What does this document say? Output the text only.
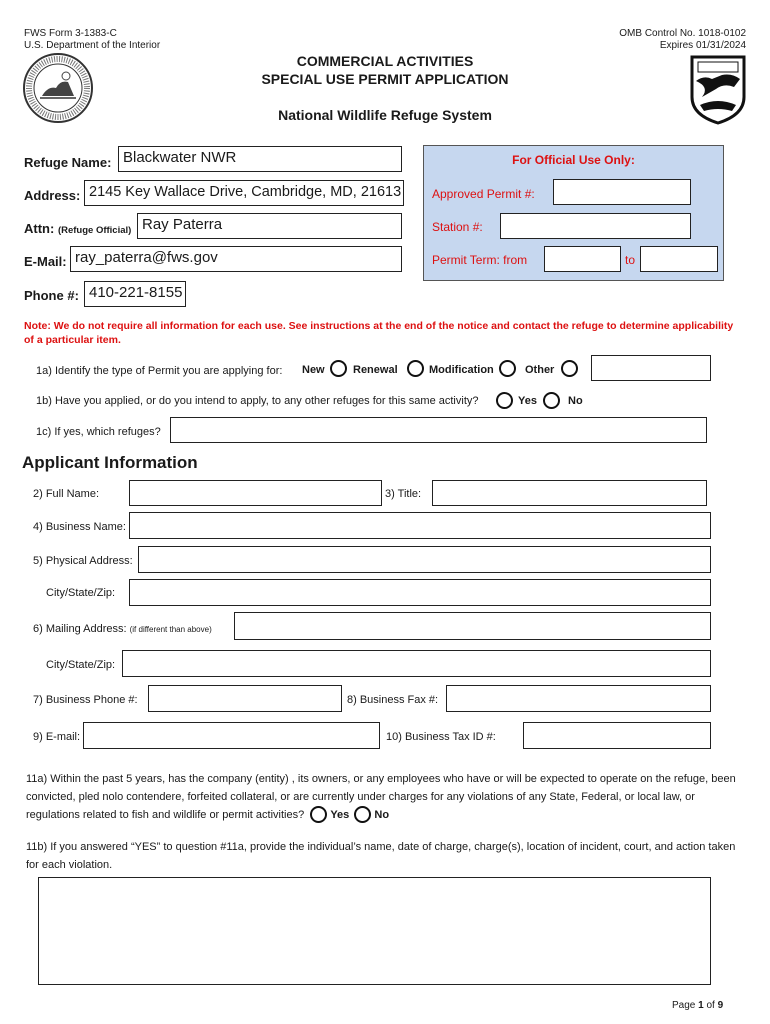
FWS Form 3-1383-C
U.S. Department of the Interior
OMB Control No. 1018-0102
Expires 01/31/2024
COMMERCIAL ACTIVITIES
SPECIAL USE PERMIT APPLICATION
National Wildlife Refuge System
Refuge Name: Blackwater NWR
Address: 2145 Key Wallace Drive, Cambridge, MD, 21613
Attn: (Refuge Official) Ray Paterra
E-Mail: ray_paterra@fws.gov
Phone #: 410-221-8155
For Official Use Only:
Approved Permit #:
Station #:
Permit Term: from	to
Note: We do not require all information for each use. See instructions at the end of the notice and contact the refuge to determine applicability of a particular item.
1a) Identify the type of Permit you are applying for: New	Renewal	Modification	Other
1b) Have you applied, or do you intend to apply, to any other refuges for this same activity?	Yes	No
1c) If yes, which refuges?
Applicant Information
2) Full Name:	3) Title:
4) Business Name:
5) Physical Address:
City/State/Zip:
6) Mailing Address: (if different than above)
City/State/Zip:
7) Business Phone #:	8) Business Fax #:
9) E-mail:	10) Business Tax ID #:
11a) Within the past 5 years, has the company (entity) , its owners, or any employees who have or will be expected to operate on the refuge, been convicted, pled nolo contendere, forfeited collateral, or are currently under charges for any violations of any State, Federal, or local law, or regulations related to fish and wildlife or permit activities? Yes No
11b) If you answered “YES” to question #11a, provide the individual’s name, date of charge, charge(s), location of incident, court, and action taken for each violation.
Page 1 of 9
